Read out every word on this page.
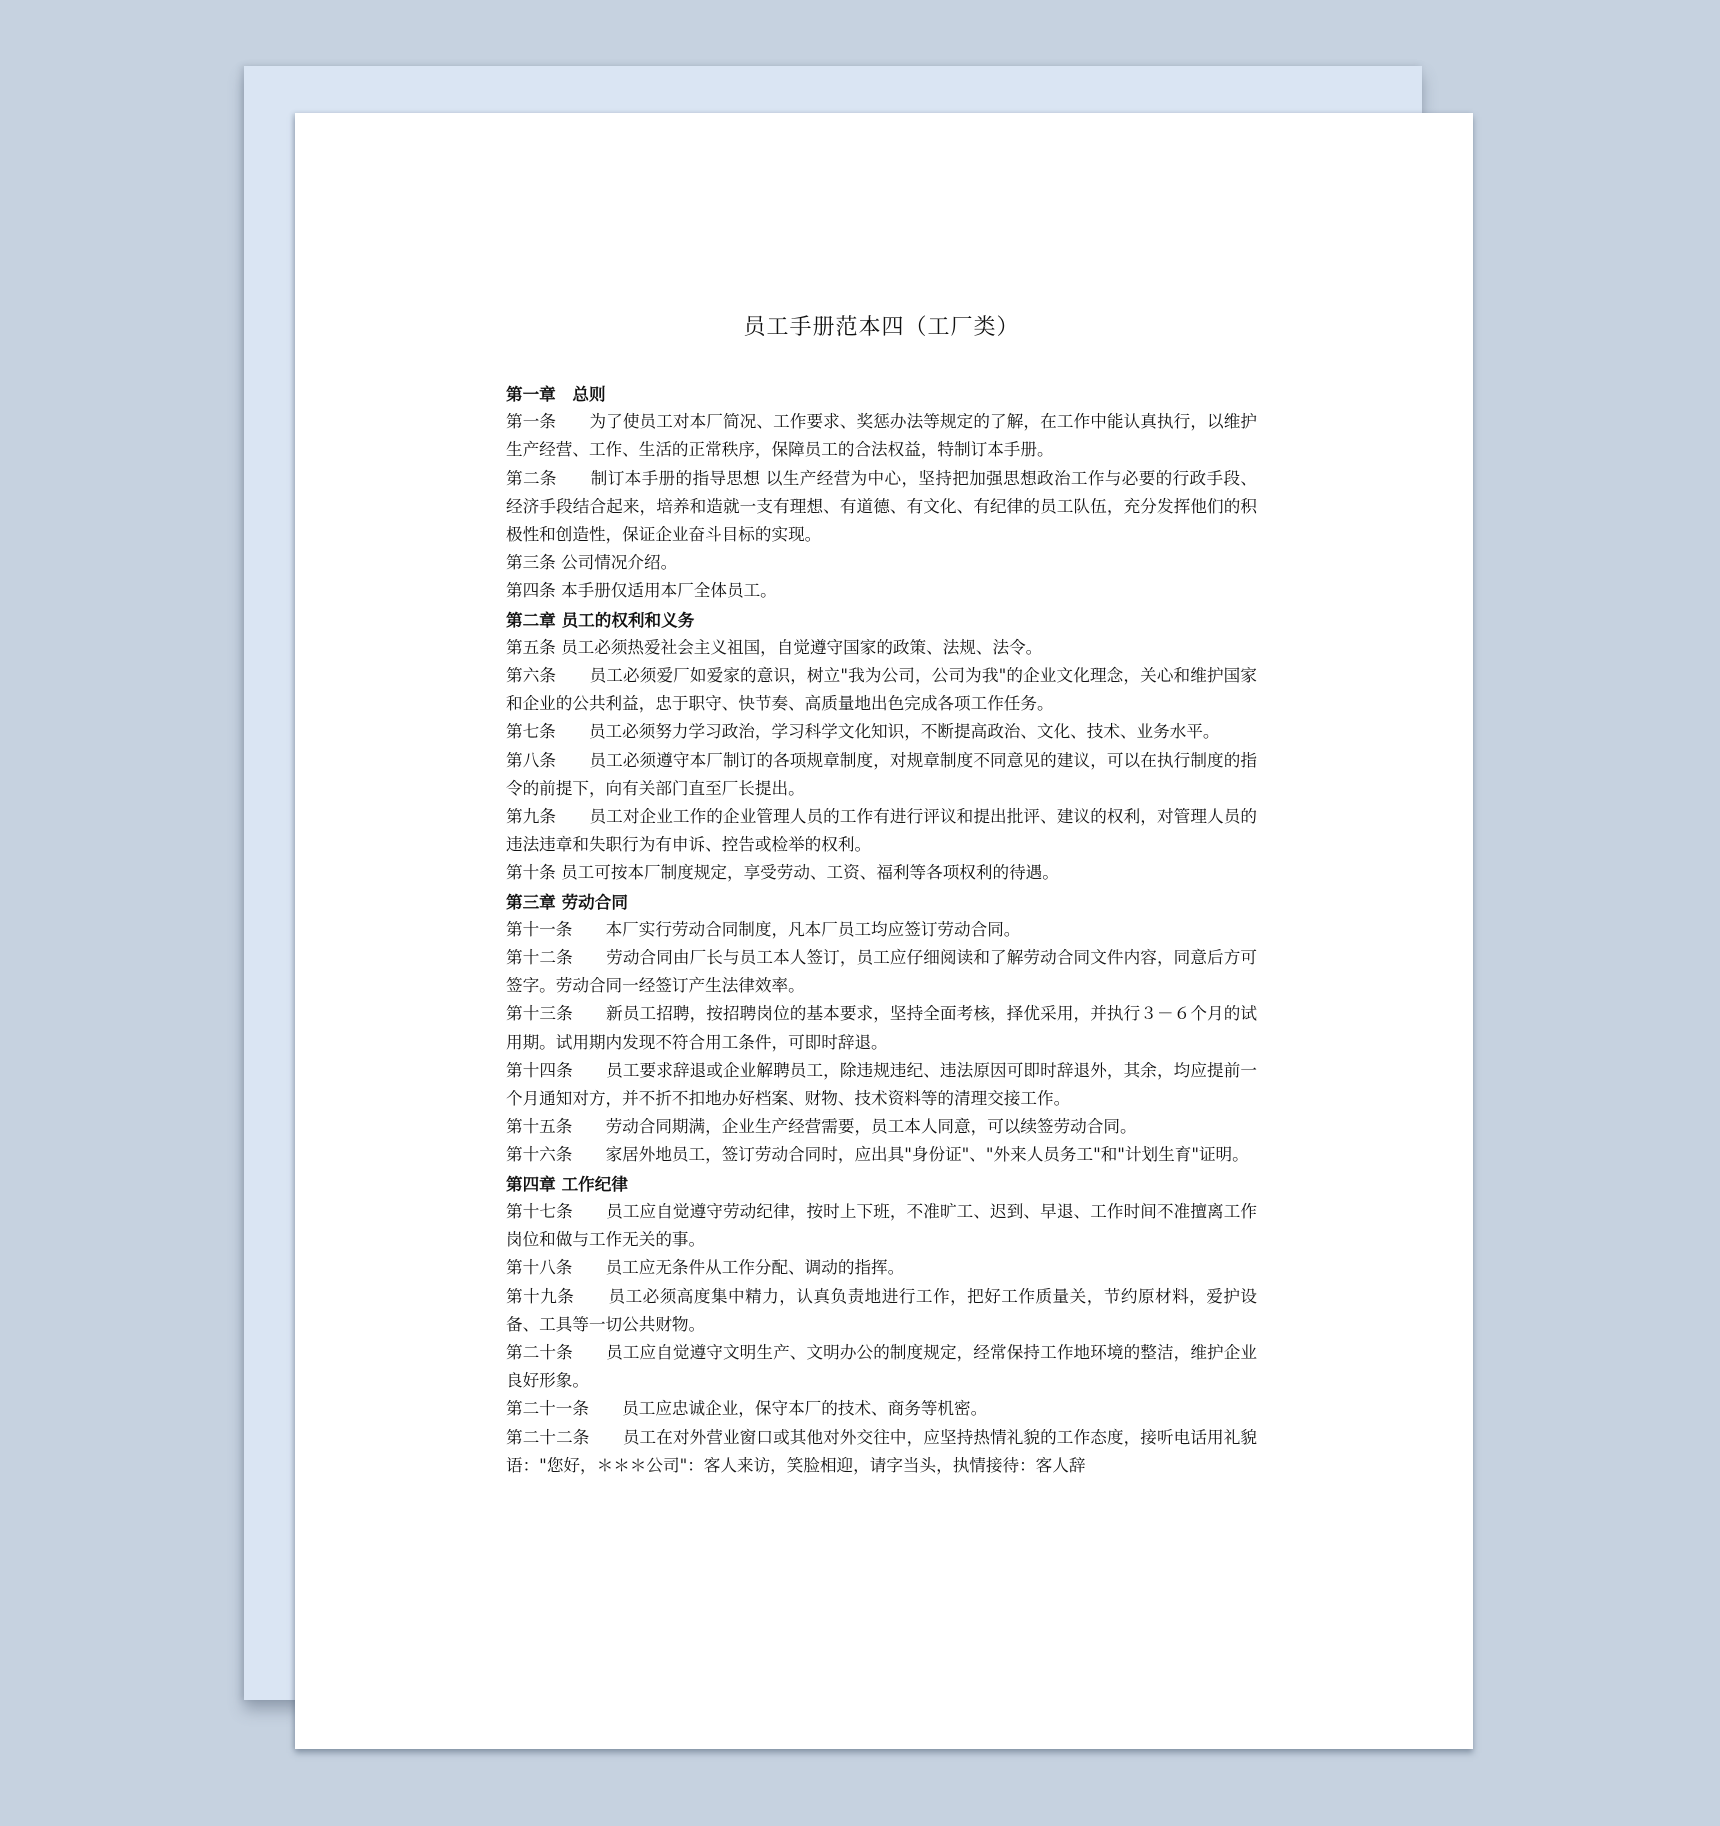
员工手册范本四（工厂类）

第一章　总则

第一条　　为了使员工对本厂简况、工作要求、奖惩办法等规定的了解，在工作中能认真执行，以维护生产经营、工作、生活的正常秩序，保障员工的合法权益，特制订本手册。

第二条　　制订本手册的指导思想 以生产经营为中心，坚持把加强思想政治工作与必要的行政手段、经济手段结合起来，培养和造就一支有理想、有道德、有文化、有纪律的员工队伍，充分发挥他们的积极性和创造性，保证企业奋斗目标的实现。

第三条 公司情况介绍。

第四条 本手册仅适用本厂全体员工。

第二章 员工的权利和义务

第五条 员工必须热爱社会主义祖国，自觉遵守国家的政策、法规、法令。

第六条　　员工必须爱厂如爱家的意识，树立"我为公司，公司为我"的企业文化理念，关心和维护国家和企业的公共利益，忠于职守、快节奏、高质量地出色完成各项工作任务。

第七条　　员工必须努力学习政治，学习科学文化知识，不断提高政治、文化、技术、业务水平。

第八条　　员工必须遵守本厂制订的各项规章制度，对规章制度不同意见的建议，可以在执行制度的指令的前提下，向有关部门直至厂长提出。

第九条　　员工对企业工作的企业管理人员的工作有进行评议和提出批评、建议的权利，对管理人员的违法违章和失职行为有申诉、控告或检举的权利。

第十条 员工可按本厂制度规定，享受劳动、工资、福利等各项权利的待遇。

第三章 劳动合同

第十一条　　本厂实行劳动合同制度，凡本厂员工均应签订劳动合同。

第十二条　　劳动合同由厂长与员工本人签订，员工应仔细阅读和了解劳动合同文件内容，同意后方可签字。劳动合同一经签订产生法律效率。

第十三条　　新员工招聘，按招聘岗位的基本要求，坚持全面考核，择优采用，并执行３－６个月的试用期。试用期内发现不符合用工条件，可即时辞退。

第十四条　　员工要求辞退或企业解聘员工，除违规违纪、违法原因可即时辞退外，其余，均应提前一个月通知对方，并不折不扣地办好档案、财物、技术资料等的清理交接工作。

第十五条　　劳动合同期满，企业生产经营需要，员工本人同意，可以续签劳动合同。

第十六条　　家居外地员工，签订劳动合同时，应出具"身份证"、"外来人员务工"和"计划生育"证明。

第四章 工作纪律

第十七条　　员工应自觉遵守劳动纪律，按时上下班，不准旷工、迟到、早退、工作时间不准擅离工作岗位和做与工作无关的事。

第十八条　　员工应无条件从工作分配、调动的指挥。

第十九条　　员工必须高度集中精力，认真负责地进行工作，把好工作质量关，节约原材料，爱护设备、工具等一切公共财物。

第二十条　　员工应自觉遵守文明生产、文明办公的制度规定，经常保持工作地环境的整洁，维护企业良好形象。

第二十一条　　员工应忠诚企业，保守本厂的技术、商务等机密。

第二十二条　　员工在对外营业窗口或其他对外交往中，应坚持热情礼貌的工作态度，接听电话用礼貌语："您好，＊＊＊公司"：客人来访，笑脸相迎，请字当头，执情接待：客人辞
